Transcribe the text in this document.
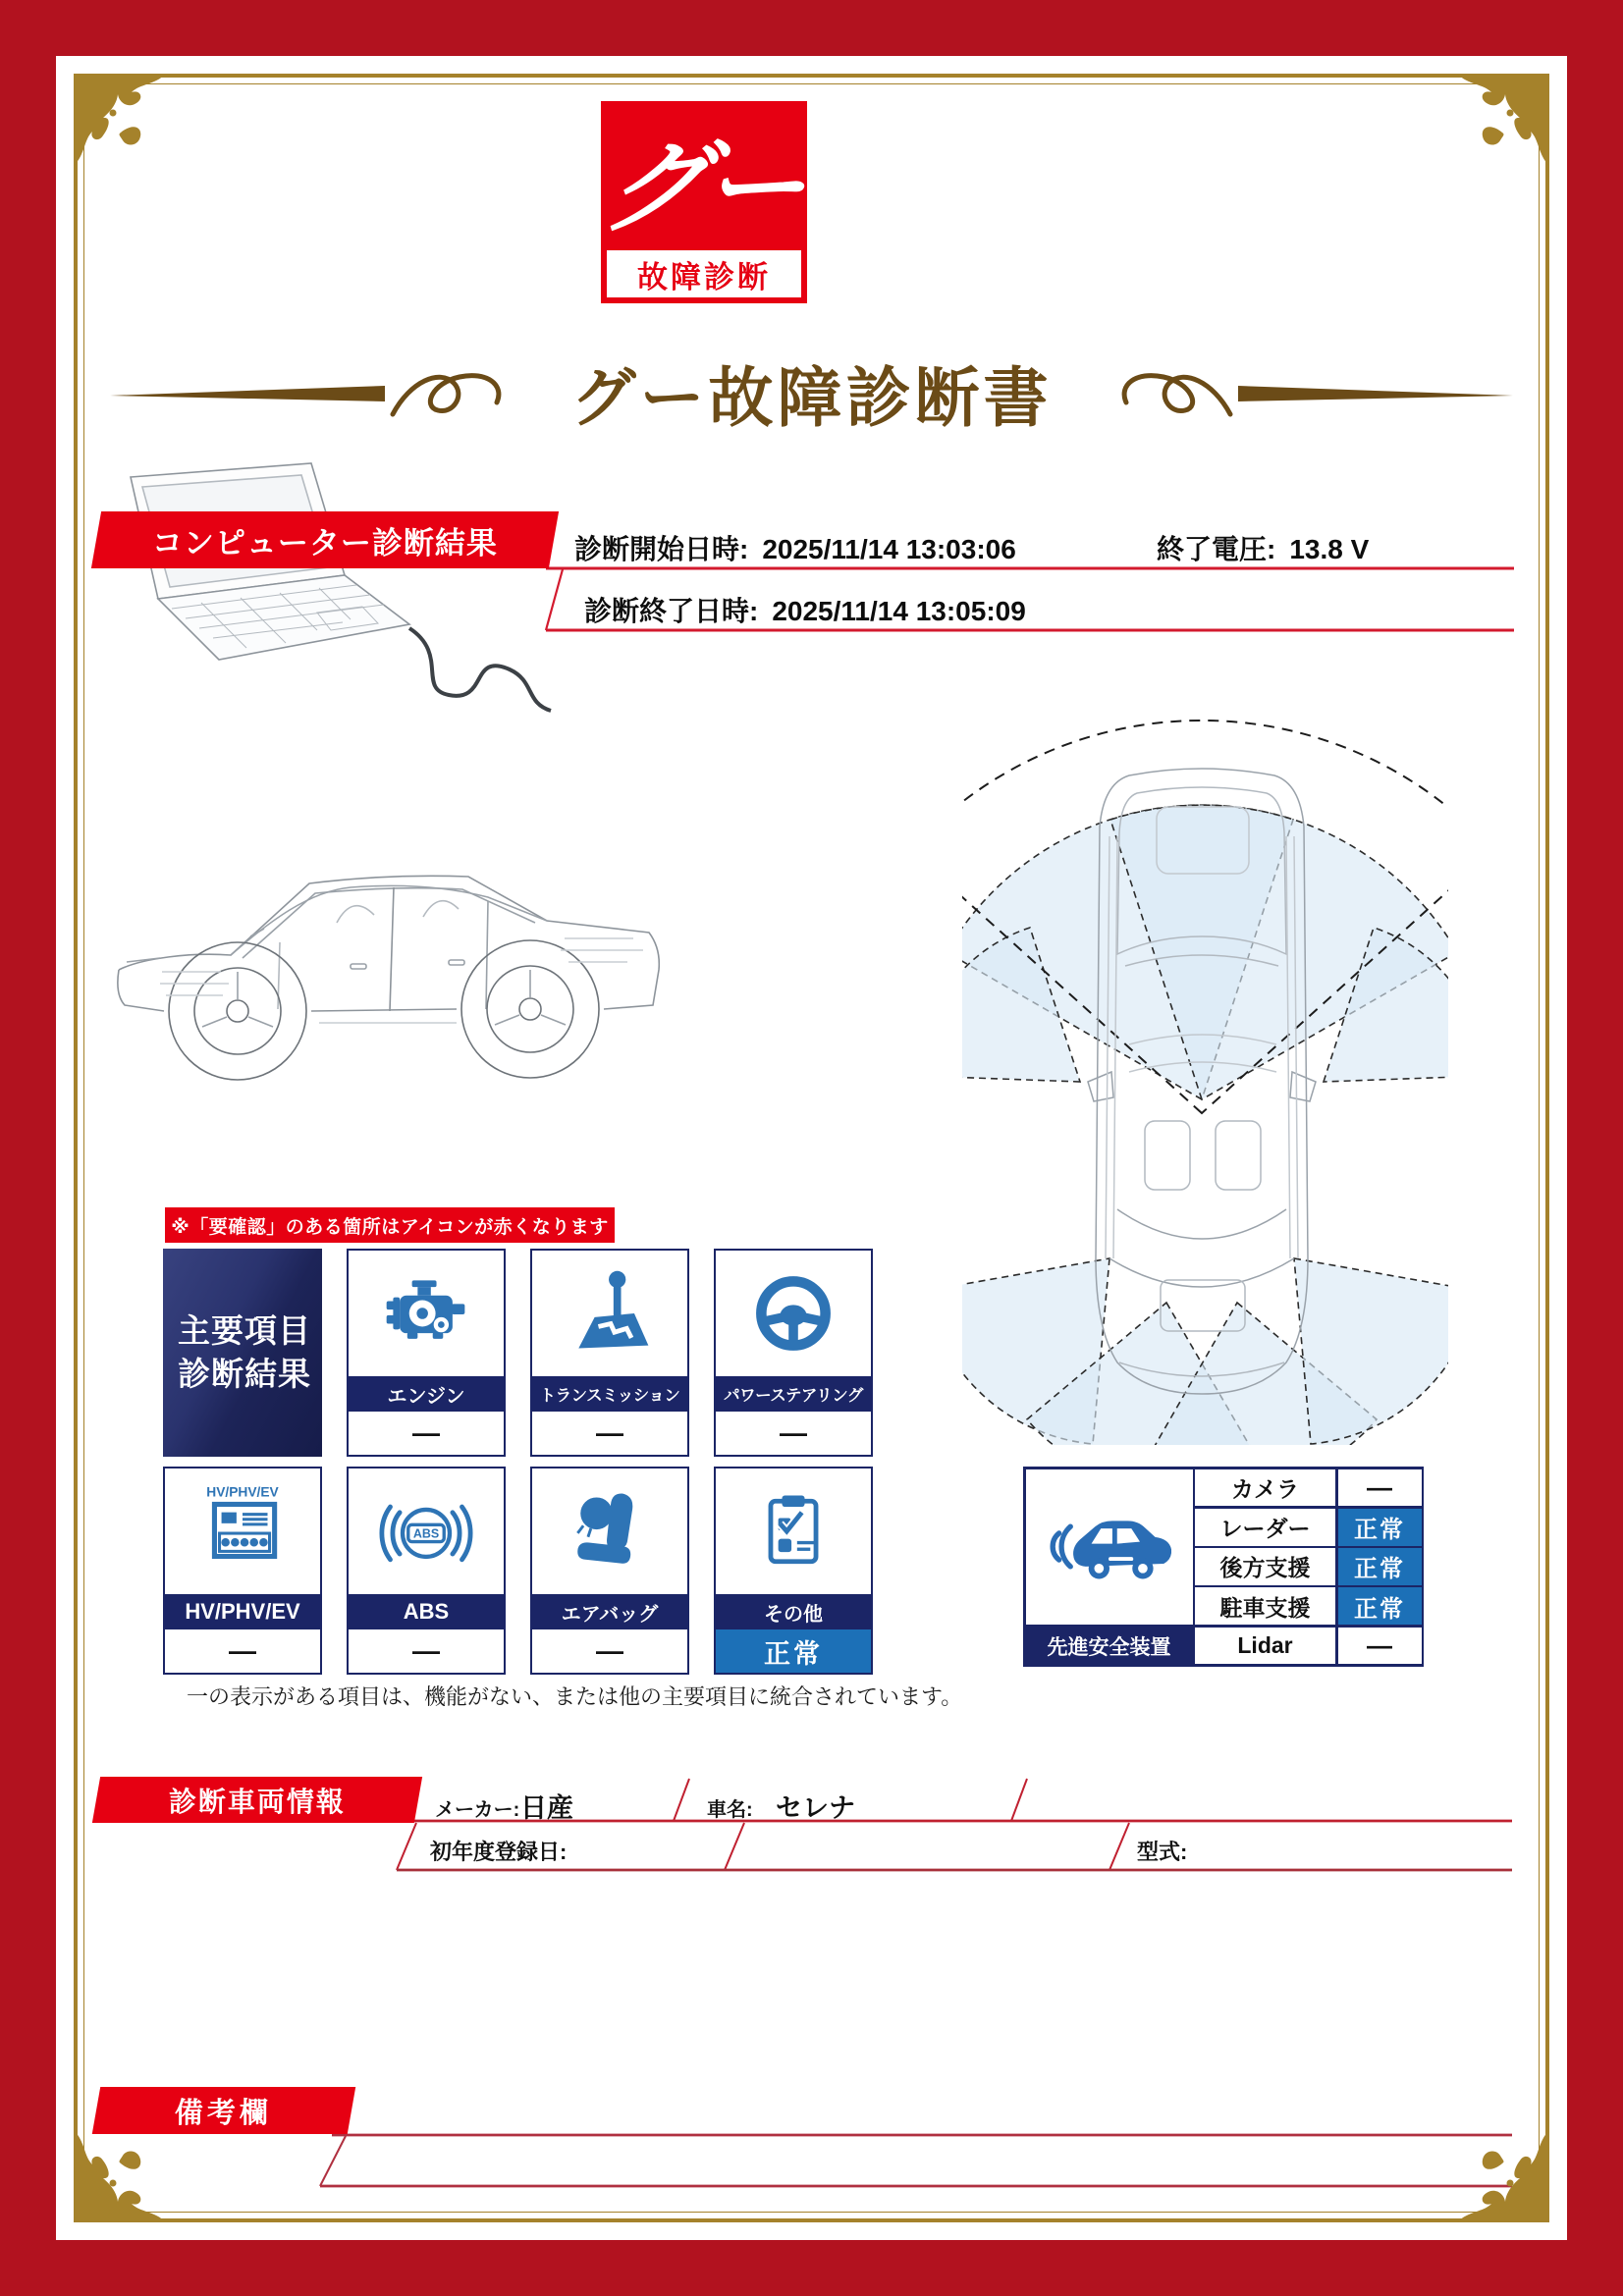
グー故障診断書
グー
故障診断
コンピューター診断結果	診断開始日時: 2025/11/14 13:03:06	終了電圧: 13.8 V
診断終了日時: 2025/11/14 13:05:09
※「要確認」のある箇所はアイコンが赤くなります
主要項目
診断結果
エンジン
—
トランスミッション
—
パワーステアリング
—
HV/PHV/EV
HV/PHV/EV
—
ABS
ABS
—
エアバッグ
—
その他
正常
一の表示がある項目は、機能がない、または他の主要項目に統合されています。
先進安全装置
カメラ	—
レーダー 正常
後方支援 正常
駐車支援 正常
Lidar	—
診断車両情報	メーカー: 日産	車名: セレナ
初年度登録日:	型式:
備考欄
